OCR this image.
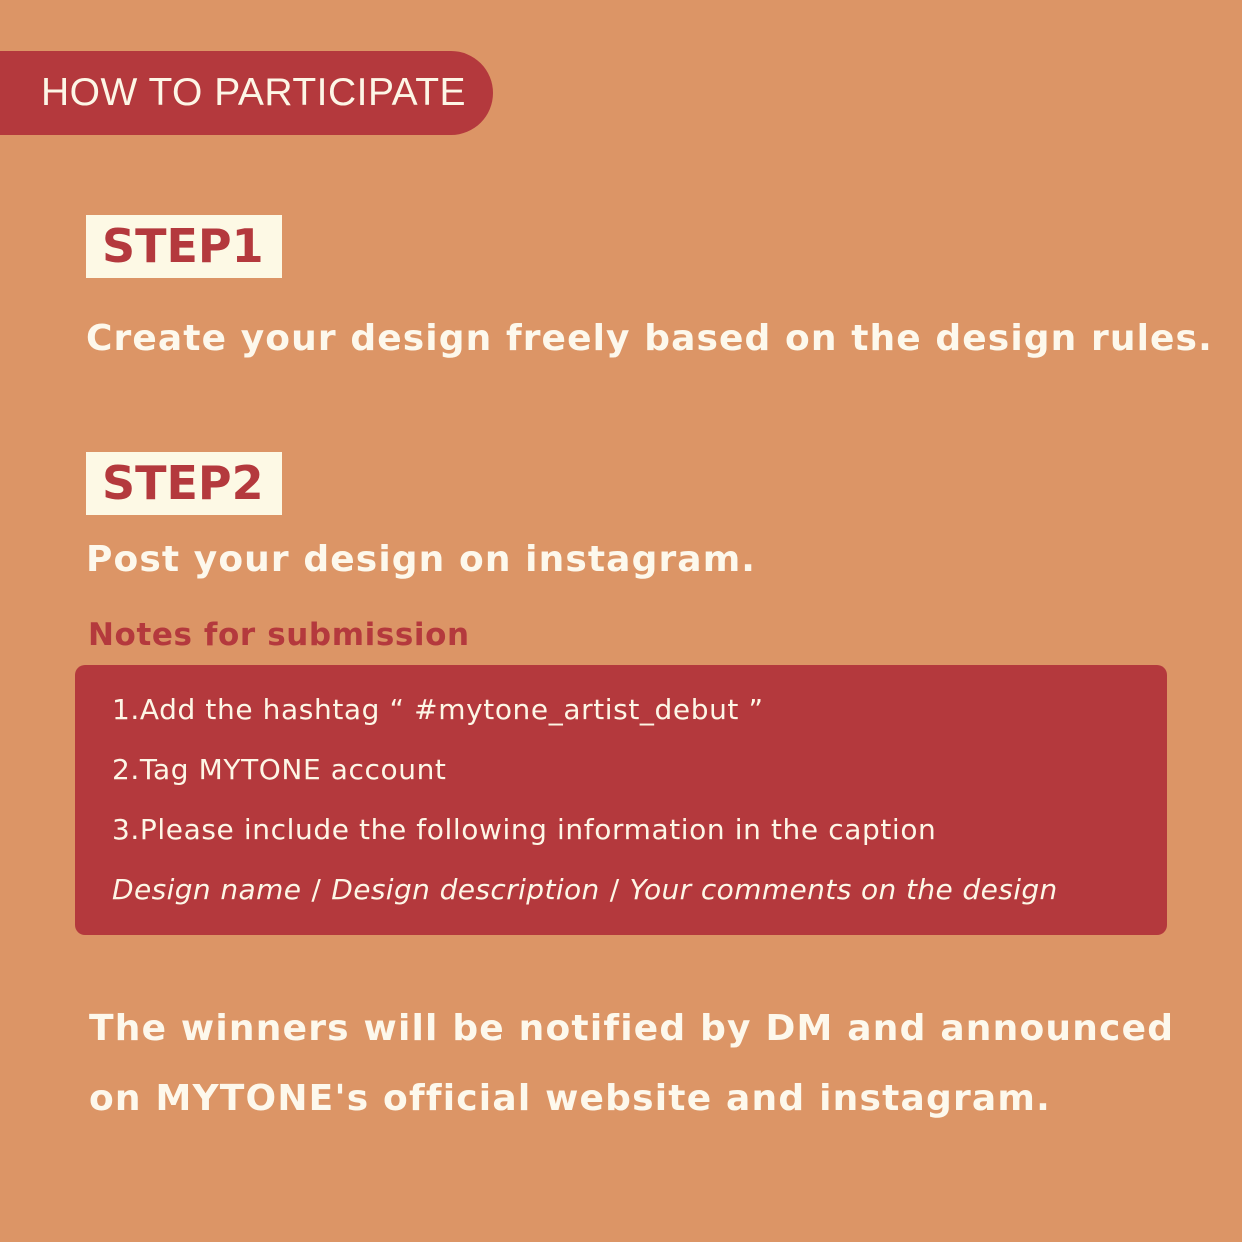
HOW TO PARTICIPATE
STEP1
Create your design freely based on the design rules.
STEP2
Post your design on instagram.
Notes for submission
1.Add the hashtag “ #mytone_artist_debut ”
2.Tag MYTONE account
3.Please include the following information in the caption
Design name / Design description / Your comments on the design
The winners will be notified by DM and announced
on MYTONE's official website and instagram.
